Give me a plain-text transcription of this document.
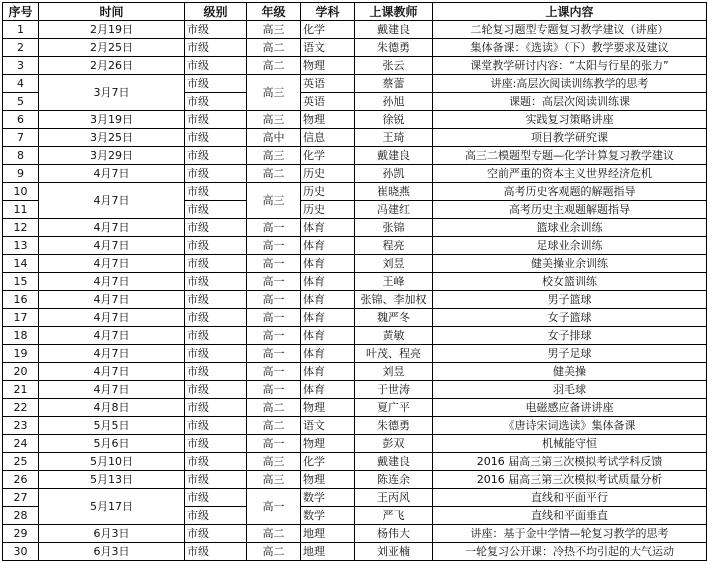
序号	时间	级别	年级	学科	上课教师	上课内容
1	2月19日	市级	高三	化学	戴建良	二轮复习题型专题复习教学建议（讲座）
2	2月25日	市级	高二	语文	朱德勇	集体备课：《选读》（下）教学要求及建议
3	2月26日	市级	高二	物理	张云	课堂教学研讨内容：“太阳与行星的张力”
4	3月7日	市级	高三	英语	蔡蕾	讲座:高层次阅读训练教学的思考
5		市级		英语	孙旭	课题：高层次阅读训练课
6	3月19日	市级	高三	物理	徐锐	实践复习策略讲座
7	3月25日	市级	高中	信息	王琦	项目教学研究课
8	3月29日	市级	高三	化学	戴建良	高三二模题型专题—化学计算复习教学建议
9	4月7日	市级	高二	历史	孙凯	空前严重的资本主义世界经济危机
10	4月7日	市级	高三	历史	崔晓燕	高考历史客观题的解题指导
11		市级		历史	冯建红	高考历史主观题解题指导
12	4月7日	市级	高一	体育	张锦	篮球业余训练
13	4月7日	市级	高一	体育	程亮	足球业余训练
14	4月7日	市级	高一	体育	刘昱	健美操业余训练
15	4月7日	市级	高一	体育	王峰	校女篮训练
16	4月7日	市级	高一	体育	张锦、李加权	男子篮球
17	4月7日	市级	高一	体育	魏严冬	女子篮球
18	4月7日	市级	高一	体育	黄敏	女子排球
19	4月7日	市级	高一	体育	叶茂、程亮	男子足球
20	4月7日	市级	高一	体育	刘昱	健美操
21	4月7日	市级	高一	体育	于世涛	羽毛球
22	4月8日	市级	高二	物理	夏广平	电磁感应备讲讲座
23	5月5日	市级	高二	语文	朱德勇	《唐诗宋词选读》集体备课
24	5月6日	市级	高一	物理	彭双	机械能守恒
25	5月10日	市级	高三	化学	戴建良	2016 届高三第三次模拟考试学科反馈
26	5月13日	市级	高三	物理	陈连余	2016 届高三第三次模拟考试质量分析
27	5月17日	市级	高一	数学	王丙风	直线和平面平行
28		市级		数学	严飞	直线和平面垂直
29	6月3日	市级	高二	地理	杨伟大	讲座：基于金中学情—轮复习教学的思考
30	6月3日	市级	高二	地理	刘亚楠	一轮复习公开课：冷热不均引起的大气运动
